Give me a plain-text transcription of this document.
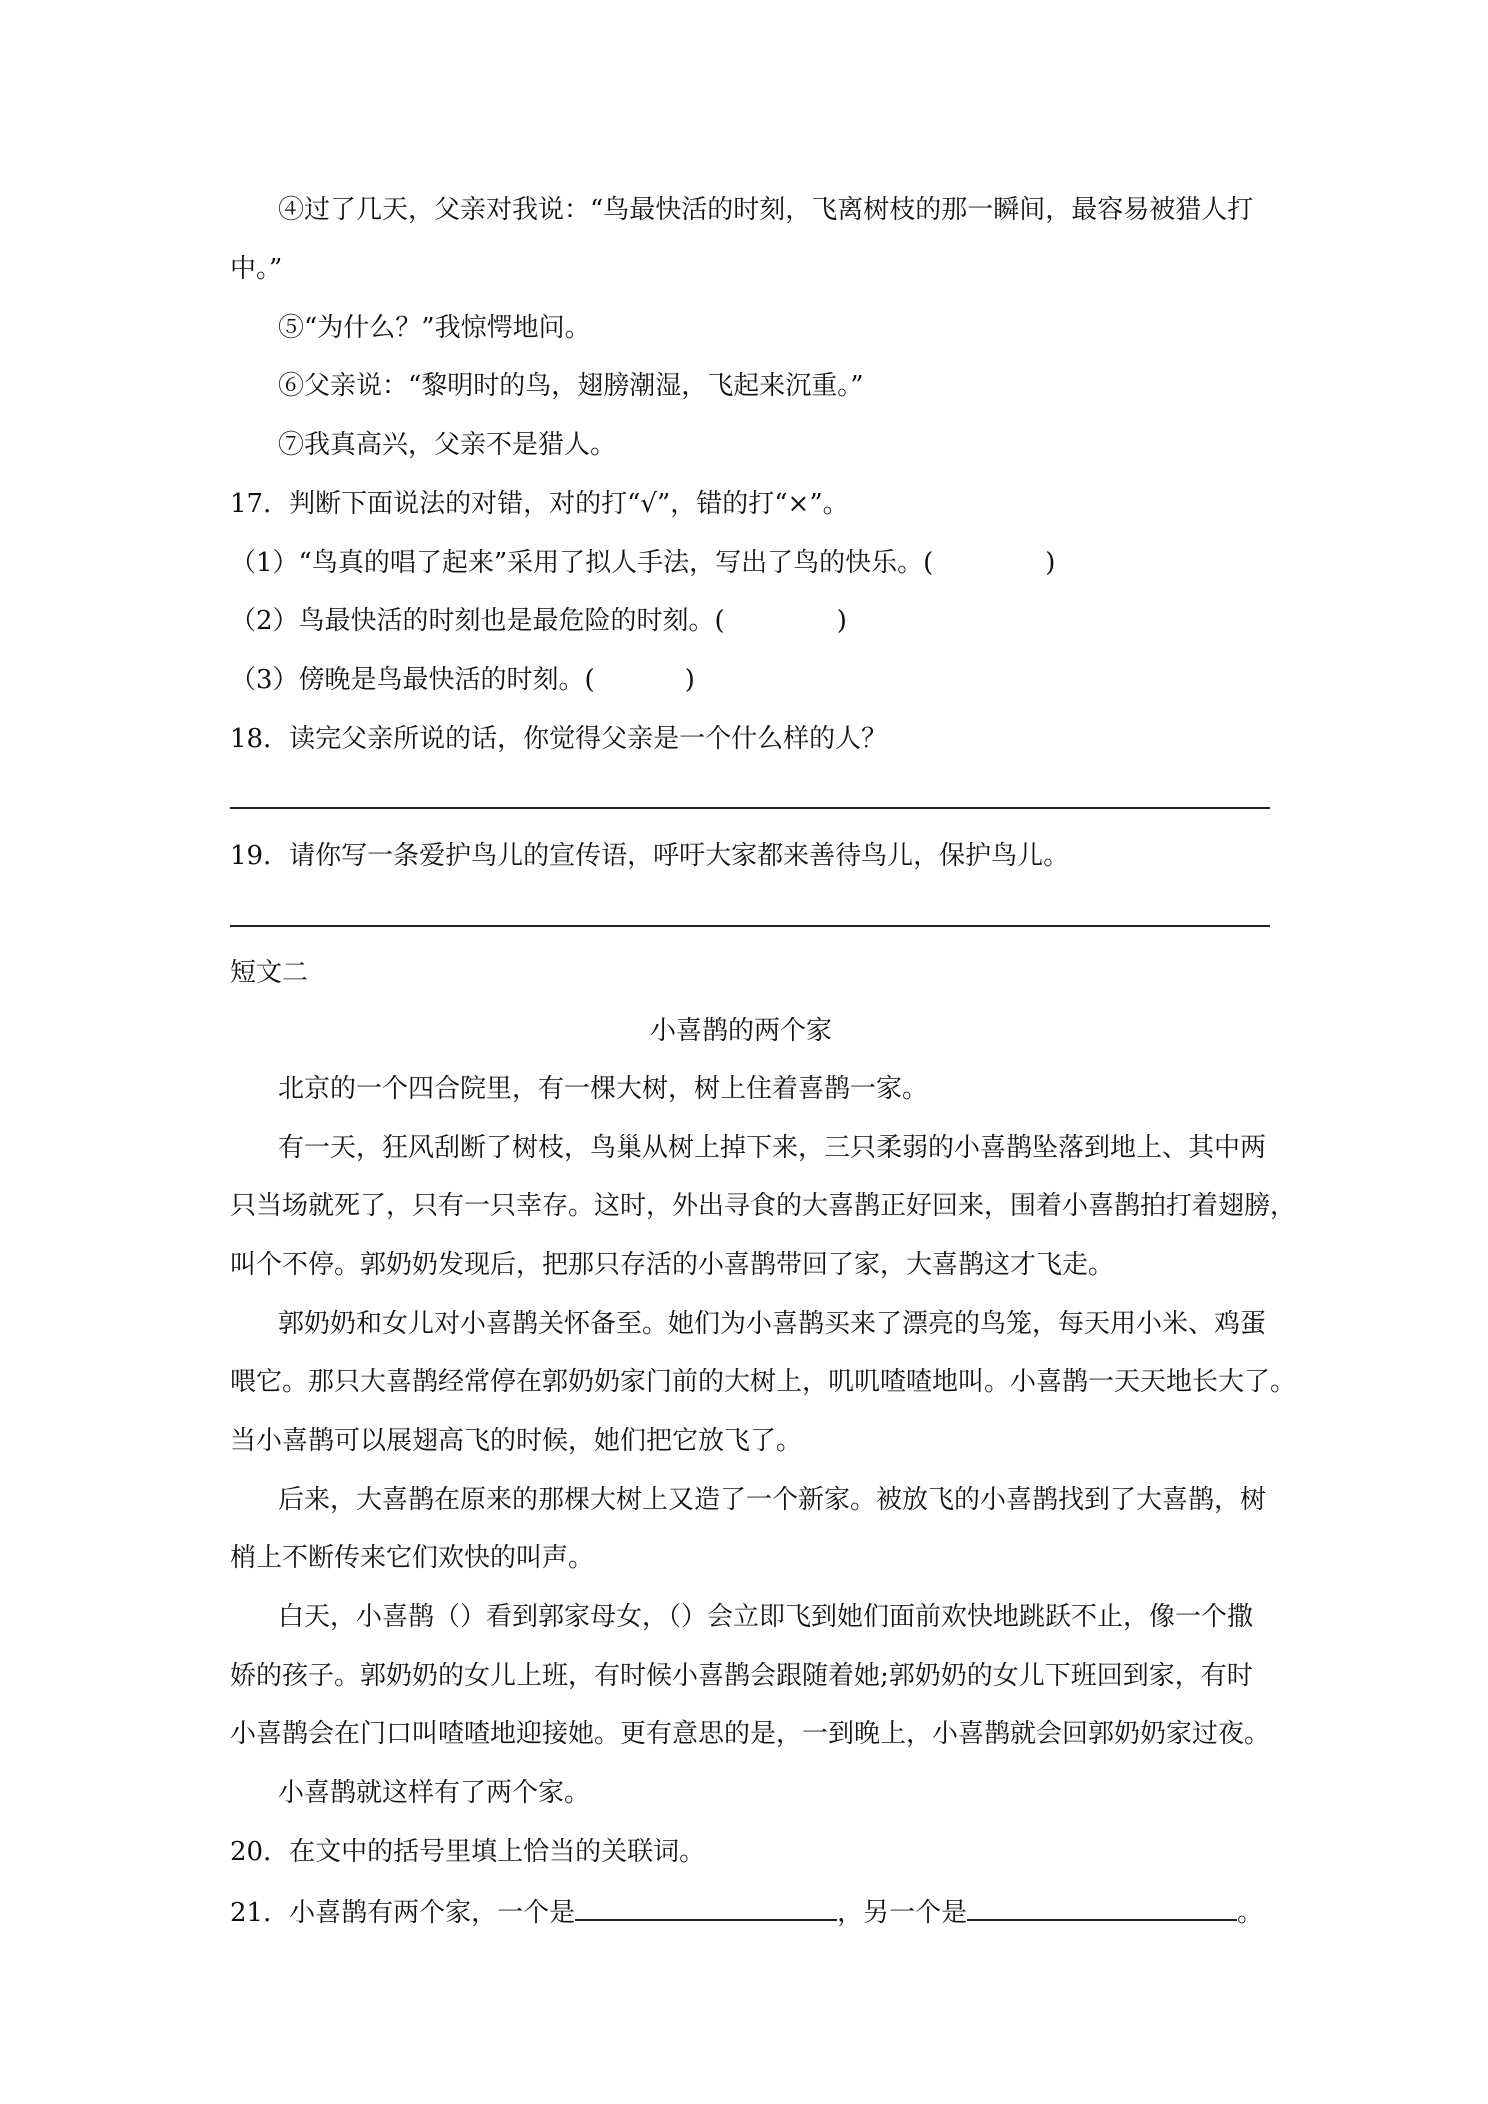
④过了几天，父亲对我说：“鸟最快活的时刻，飞离树枝的那一瞬间，最容易被猎人打
中。”
⑤“为什么？”我惊愕地问。
⑥父亲说：“黎明时的鸟，翅膀潮湿，飞起来沉重。”
⑦我真高兴，父亲不是猎人。
17．判断下面说法的对错，对的打“√”，错的打“×”。
（1）“鸟真的唱了起来”采用了拟人手法，写出了鸟的快乐。(	)
（2）鸟最快活的时刻也是最危险的时刻。(	)
（3）傍晚是鸟最快活的时刻。(	)
18．读完父亲所说的话，你觉得父亲是一个什么样的人？
19．请你写一条爱护鸟儿的宣传语，呼吁大家都来善待鸟儿，保护鸟儿。
短文二
小喜鹊的两个家
北京的一个四合院里，有一棵大树，树上住着喜鹊一家。
有一天，狂风刮断了树枝，鸟巢从树上掉下来，三只柔弱的小喜鹊坠落到地上、其中两
只当场就死了，只有一只幸存。这时，外出寻食的大喜鹊正好回来，围着小喜鹊拍打着翅膀，
叫个不停。郭奶奶发现后，把那只存活的小喜鹊带回了家，大喜鹊这才飞走。
郭奶奶和女儿对小喜鹊关怀备至。她们为小喜鹊买来了漂亮的鸟笼，每天用小米、鸡蛋
喂它。那只大喜鹊经常停在郭奶奶家门前的大树上，叽叽喳喳地叫。小喜鹊一天天地长大了。
当小喜鹊可以展翅高飞的时候，她们把它放飞了。
后来，大喜鹊在原来的那棵大树上又造了一个新家。被放飞的小喜鹊找到了大喜鹊，树
梢上不断传来它们欢快的叫声。
白天，小喜鹊（）看到郭家母女，（）会立即飞到她们面前欢快地跳跃不止，像一个撒
娇的孩子。郭奶奶的女儿上班，有时候小喜鹊会跟随着她;郭奶奶的女儿下班回到家，有时
小喜鹊会在门口叫喳喳地迎接她。更有意思的是，一到晚上，小喜鹊就会回郭奶奶家过夜。
小喜鹊就这样有了两个家。
20．在文中的括号里填上恰当的关联词。
21．小喜鹊有两个家，一个是	，另一个是	。
